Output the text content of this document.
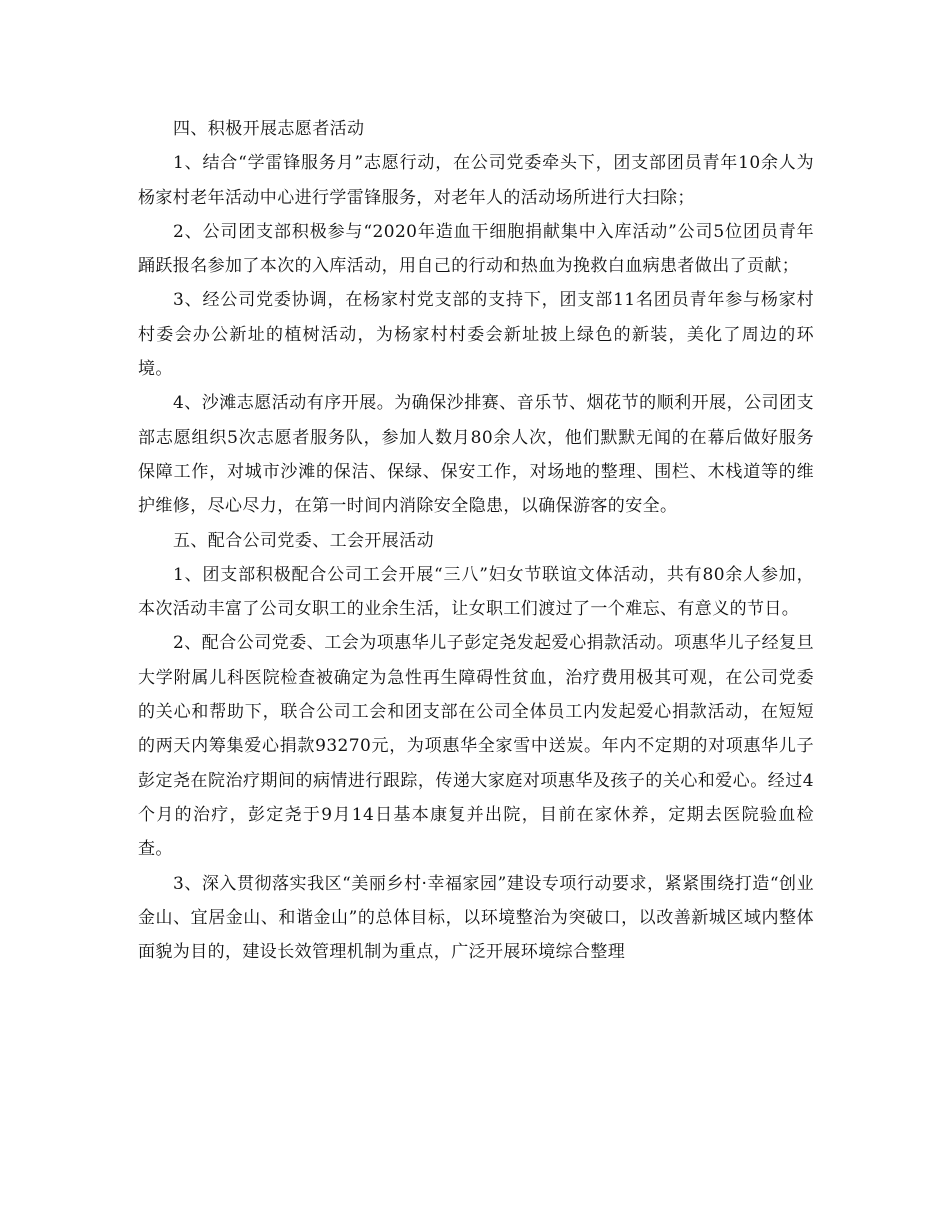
四、积极开展志愿者活动

1、结合“学雷锋服务月”志愿行动，在公司党委牵头下，团支部团员青年10余人为杨家村老年活动中心进行学雷锋服务，对老年人的活动场所进行大扫除；

2、公司团支部积极参与“2020年造血干细胞捐献集中入库活动”公司5位团员青年踊跃报名参加了本次的入库活动，用自己的行动和热血为挽救白血病患者做出了贡献；

3、经公司党委协调，在杨家村党支部的支持下，团支部11名团员青年参与杨家村村委会办公新址的植树活动，为杨家村村委会新址披上绿色的新装，美化了周边的环境。

4、沙滩志愿活动有序开展。为确保沙排赛、音乐节、烟花节的顺利开展，公司团支部志愿组织5次志愿者服务队，参加人数月80余人次，他们默默无闻的在幕后做好服务保障工作，对城市沙滩的保洁、保绿、保安工作，对场地的整理、围栏、木栈道等的维护维修，尽心尽力，在第一时间内消除安全隐患，以确保游客的安全。

五、配合公司党委、工会开展活动

1、团支部积极配合公司工会开展“三八”妇女节联谊文体活动，共有80余人参加，本次活动丰富了公司女职工的业余生活，让女职工们渡过了一个难忘、有意义的节日。

2、配合公司党委、工会为项惠华儿子彭定尧发起爱心捐款活动。项惠华儿子经复旦大学附属儿科医院检查被确定为急性再生障碍性贫血，治疗费用极其可观，在公司党委的关心和帮助下，联合公司工会和团支部在公司全体员工内发起爱心捐款活动，在短短的两天内筹集爱心捐款93270元，为项惠华全家雪中送炭。年内不定期的对项惠华儿子彭定尧在院治疗期间的病情进行跟踪，传递大家庭对项惠华及孩子的关心和爱心。经过4个月的治疗，彭定尧于9月14日基本康复并出院，目前在家休养，定期去医院验血检查。

3、深入贯彻落实我区“美丽乡村·幸福家园”建设专项行动要求，紧紧围绕打造“创业金山、宜居金山、和谐金山”的总体目标，以环境整治为突破口，以改善新城区域内整体面貌为目的，建设长效管理机制为重点，广泛开展环境综合整理
